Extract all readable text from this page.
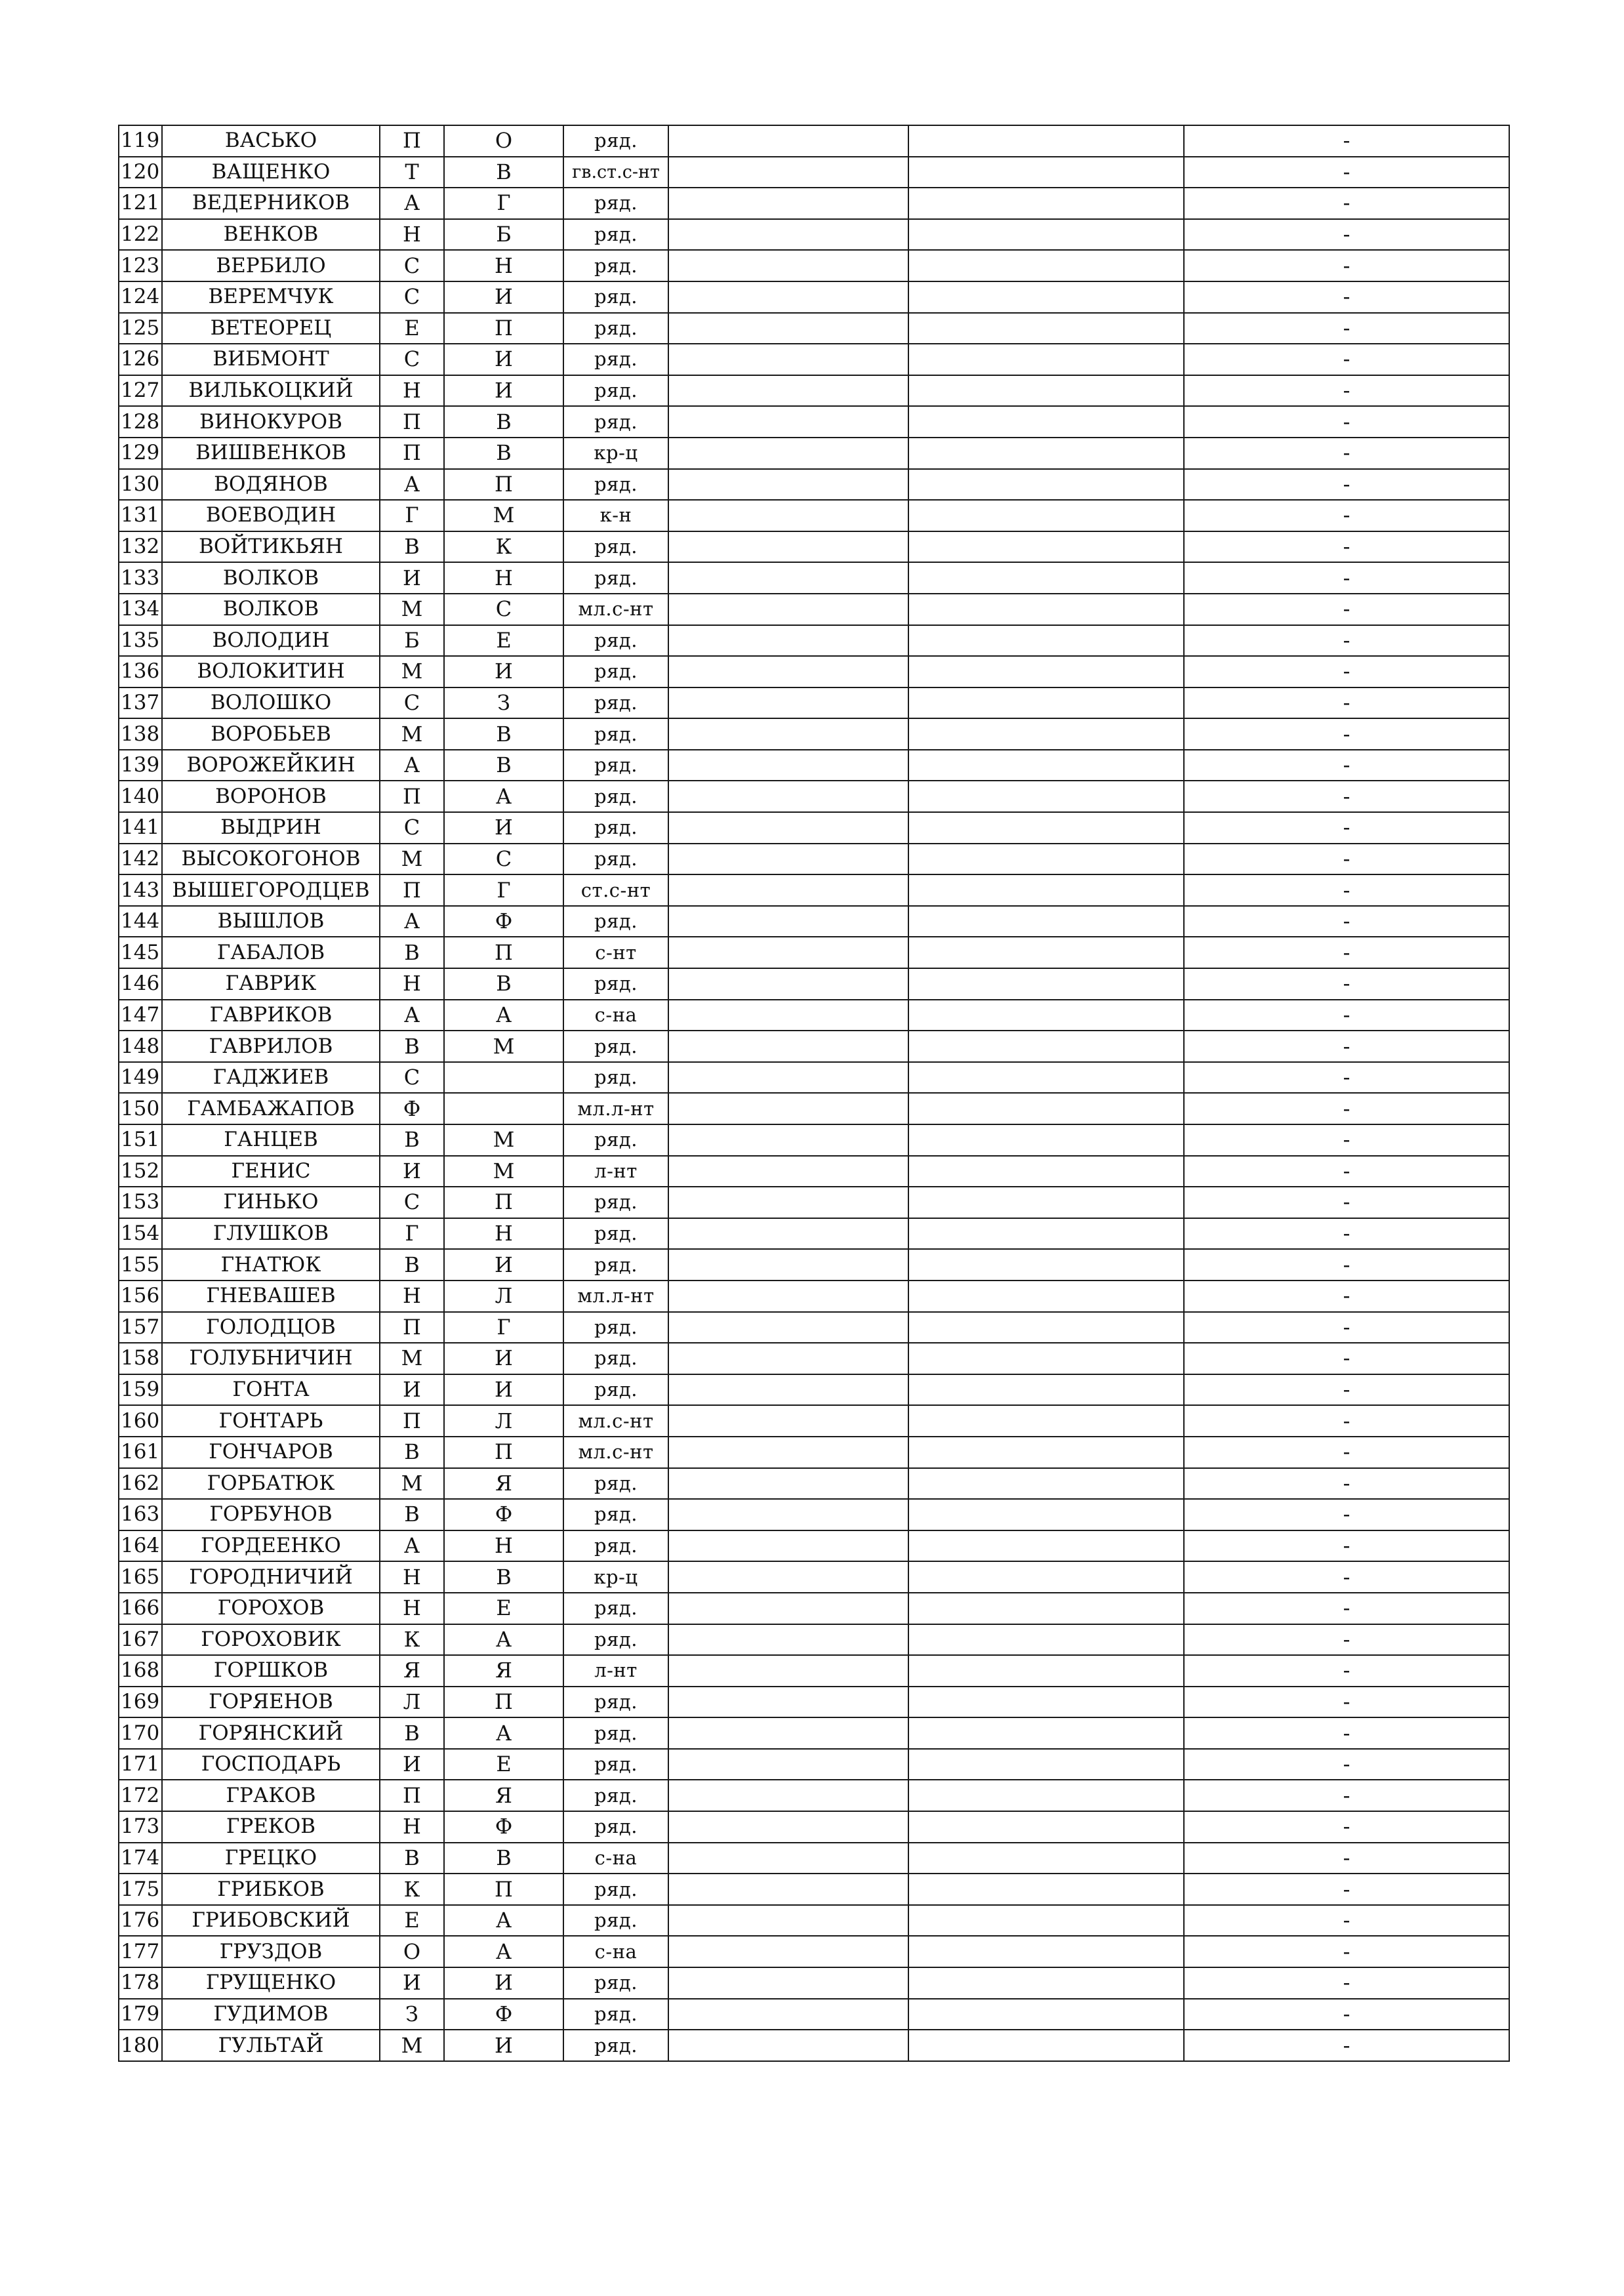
119	ВАСЬКО	П	О	ряд.			-
120	ВАЩЕНКО	Т	В	гв.ст.с-нт			-
121	ВЕДЕРНИКОВ	А	Г	ряд.			-
122	ВЕНКОВ	Н	Б	ряд.			-
123	ВЕРБИЛО	С	Н	ряд.			-
124	ВЕРЕМЧУК	С	И	ряд.			-
125	ВЕТЕОРЕЦ	Е	П	ряд.			-
126	ВИБМОНТ	С	И	ряд.			-
127	ВИЛЬКОЦКИЙ	Н	И	ряд.			-
128	ВИНОКУРОВ	П	В	ряд.			-
129	ВИШВЕНКОВ	П	В	кр-ц			-
130	ВОДЯНОВ	А	П	ряд.			-
131	ВОЕВОДИН	Г	М	к-н			-
132	ВОЙТИКЬЯН	В	К	ряд.			-
133	ВОЛКОВ	И	Н	ряд.			-
134	ВОЛКОВ	М	С	мл.с-нт			-
135	ВОЛОДИН	Б	Е	ряд.			-
136	ВОЛОКИТИН	М	И	ряд.			-
137	ВОЛОШКО	С	З	ряд.			-
138	ВОРОБЬЕВ	М	В	ряд.			-
139	ВОРОЖЕЙКИН	А	В	ряд.			-
140	ВОРОНОВ	П	А	ряд.			-
141	ВЫДРИН	С	И	ряд.			-
142	ВЫСОКОГОНОВ	М	С	ряд.			-
143	ВЫШЕГОРОДЦЕВ	П	Г	ст.с-нт			-
144	ВЫШЛОВ	А	Ф	ряд.			-
145	ГАБАЛОВ	В	П	с-нт			-
146	ГАВРИК	Н	В	ряд.			-
147	ГАВРИКОВ	А	А	с-на			-
148	ГАВРИЛОВ	В	М	ряд.			-
149	ГАДЖИЕВ	С		ряд.			-
150	ГАМБАЖАПОВ	Ф		мл.л-нт			-
151	ГАНЦЕВ	В	М	ряд.			-
152	ГЕНИС	И	М	л-нт			-
153	ГИНЬКО	С	П	ряд.			-
154	ГЛУШКОВ	Г	Н	ряд.			-
155	ГНАТЮК	В	И	ряд.			-
156	ГНЕВАШЕВ	Н	Л	мл.л-нт			-
157	ГОЛОДЦОВ	П	Г	ряд.			-
158	ГОЛУБНИЧИН	М	И	ряд.			-
159	ГОНТА	И	И	ряд.			-
160	ГОНТАРЬ	П	Л	мл.с-нт			-
161	ГОНЧАРОВ	В	П	мл.с-нт			-
162	ГОРБАТЮК	М	Я	ряд.			-
163	ГОРБУНОВ	В	Ф	ряд.			-
164	ГОРДЕЕНКО	А	Н	ряд.			-
165	ГОРОДНИЧИЙ	Н	В	кр-ц			-
166	ГОРОХОВ	Н	Е	ряд.			-
167	ГОРОХОВИК	К	А	ряд.			-
168	ГОРШКОВ	Я	Я	л-нт			-
169	ГОРЯЕНОВ	Л	П	ряд.			-
170	ГОРЯНСКИЙ	В	А	ряд.			-
171	ГОСПОДАРЬ	И	Е	ряд.			-
172	ГРАКОВ	П	Я	ряд.			-
173	ГРЕКОВ	Н	Ф	ряд.			-
174	ГРЕЦКО	В	В	с-на			-
175	ГРИБКОВ	К	П	ряд.			-
176	ГРИБОВСКИЙ	Е	А	ряд.			-
177	ГРУЗДОВ	О	А	с-на			-
178	ГРУЩЕНКО	И	И	ряд.			-
179	ГУДИМОВ	З	Ф	ряд.			-
180	ГУЛЬТАЙ	М	И	ряд.			-
